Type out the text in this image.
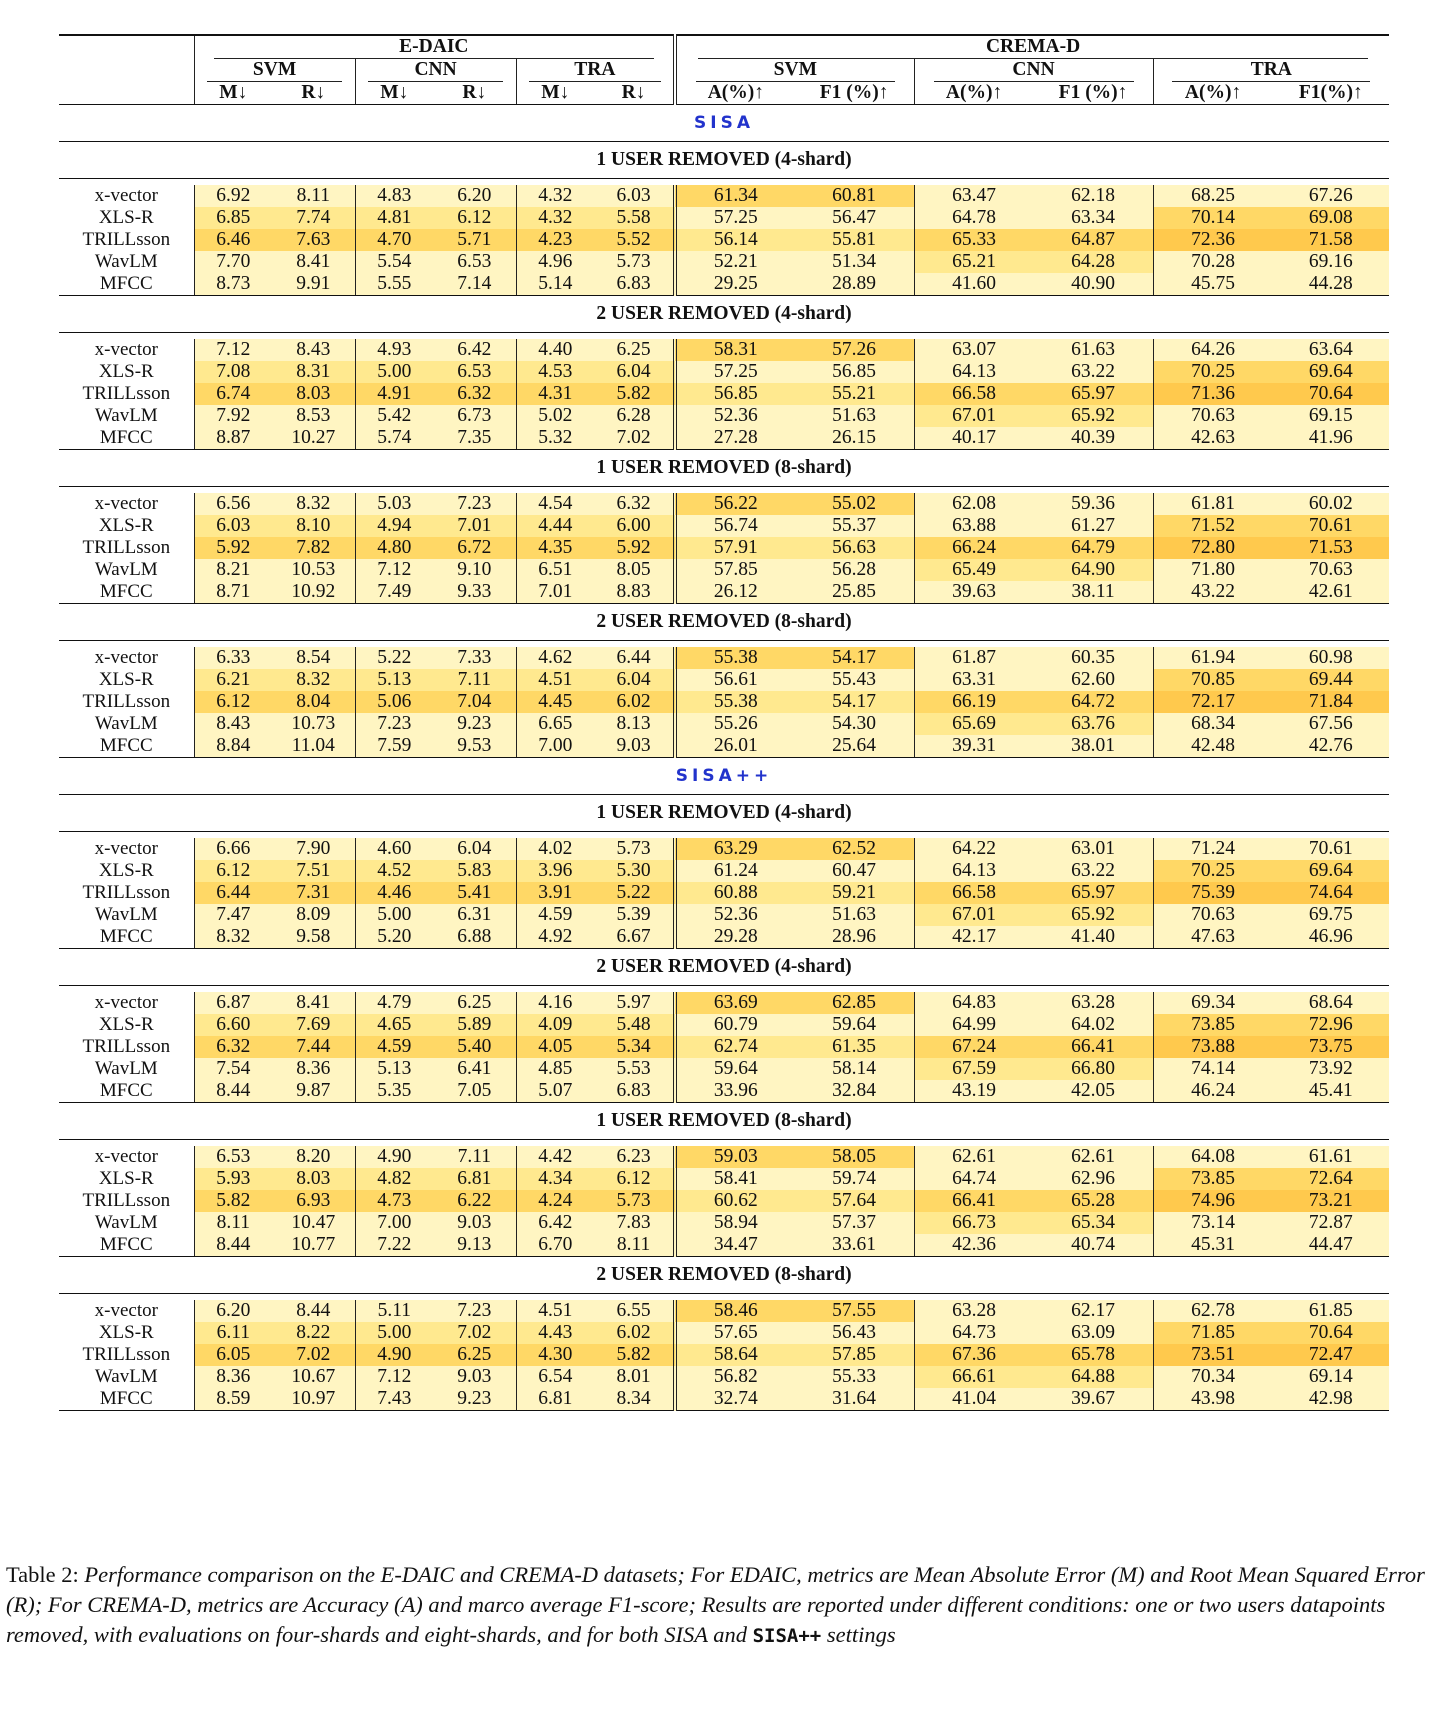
	E-DAIC						CREMA-D					
	SVM		CNN		TRA		SVM		CNN		TRA	
	M↓	R↓	M↓	R↓	M↓	R↓	A(%)↑	F1 (%)↑	A(%)↑	F1 (%)↑	A(%)↑	F1(%)↑
SISA												
1 USER REMOVED (4-shard)												

x-vector	6.92	8.11	4.83	6.20	4.32	6.03	61.34	60.81	63.47	62.18	68.25	67.26
XLS-R	6.85	7.74	4.81	6.12	4.32	5.58	57.25	56.47	64.78	63.34	70.14	69.08
TRILLsson	6.46	7.63	4.70	5.71	4.23	5.52	56.14	55.81	65.33	64.87	72.36	71.58
WavLM	7.70	8.41	5.54	6.53	4.96	5.73	52.21	51.34	65.21	64.28	70.28	69.16
MFCC	8.73	9.91	5.55	7.14	5.14	6.83	29.25	28.89	41.60	40.90	45.75	44.28
2 USER REMOVED (4-shard)												

x-vector	7.12	8.43	4.93	6.42	4.40	6.25	58.31	57.26	63.07	61.63	64.26	63.64
XLS-R	7.08	8.31	5.00	6.53	4.53	6.04	57.25	56.85	64.13	63.22	70.25	69.64
TRILLsson	6.74	8.03	4.91	6.32	4.31	5.82	56.85	55.21	66.58	65.97	71.36	70.64
WavLM	7.92	8.53	5.42	6.73	5.02	6.28	52.36	51.63	67.01	65.92	70.63	69.15
MFCC	8.87	10.27	5.74	7.35	5.32	7.02	27.28	26.15	40.17	40.39	42.63	41.96
1 USER REMOVED (8-shard)												

x-vector	6.56	8.32	5.03	7.23	4.54	6.32	56.22	55.02	62.08	59.36	61.81	60.02
XLS-R	6.03	8.10	4.94	7.01	4.44	6.00	56.74	55.37	63.88	61.27	71.52	70.61
TRILLsson	5.92	7.82	4.80	6.72	4.35	5.92	57.91	56.63	66.24	64.79	72.80	71.53
WavLM	8.21	10.53	7.12	9.10	6.51	8.05	57.85	56.28	65.49	64.90	71.80	70.63
MFCC	8.71	10.92	7.49	9.33	7.01	8.83	26.12	25.85	39.63	38.11	43.22	42.61
2 USER REMOVED (8-shard)												

x-vector	6.33	8.54	5.22	7.33	4.62	6.44	55.38	54.17	61.87	60.35	61.94	60.98
XLS-R	6.21	8.32	5.13	7.11	4.51	6.04	56.61	55.43	63.31	62.60	70.85	69.44
TRILLsson	6.12	8.04	5.06	7.04	4.45	6.02	55.38	54.17	66.19	64.72	72.17	71.84
WavLM	8.43	10.73	7.23	9.23	6.65	8.13	55.26	54.30	65.69	63.76	68.34	67.56
MFCC	8.84	11.04	7.59	9.53	7.00	9.03	26.01	25.64	39.31	38.01	42.48	42.76
SISA++												
1 USER REMOVED (4-shard)												

x-vector	6.66	7.90	4.60	6.04	4.02	5.73	63.29	62.52	64.22	63.01	71.24	70.61
XLS-R	6.12	7.51	4.52	5.83	3.96	5.30	61.24	60.47	64.13	63.22	70.25	69.64
TRILLsson	6.44	7.31	4.46	5.41	3.91	5.22	60.88	59.21	66.58	65.97	75.39	74.64
WavLM	7.47	8.09	5.00	6.31	4.59	5.39	52.36	51.63	67.01	65.92	70.63	69.75
MFCC	8.32	9.58	5.20	6.88	4.92	6.67	29.28	28.96	42.17	41.40	47.63	46.96
2 USER REMOVED (4-shard)												

x-vector	6.87	8.41	4.79	6.25	4.16	5.97	63.69	62.85	64.83	63.28	69.34	68.64
XLS-R	6.60	7.69	4.65	5.89	4.09	5.48	60.79	59.64	64.99	64.02	73.85	72.96
TRILLsson	6.32	7.44	4.59	5.40	4.05	5.34	62.74	61.35	67.24	66.41	73.88	73.75
WavLM	7.54	8.36	5.13	6.41	4.85	5.53	59.64	58.14	67.59	66.80	74.14	73.92
MFCC	8.44	9.87	5.35	7.05	5.07	6.83	33.96	32.84	43.19	42.05	46.24	45.41
1 USER REMOVED (8-shard)												

x-vector	6.53	8.20	4.90	7.11	4.42	6.23	59.03	58.05	62.61	62.61	64.08	61.61
XLS-R	5.93	8.03	4.82	6.81	4.34	6.12	58.41	59.74	64.74	62.96	73.85	72.64
TRILLsson	5.82	6.93	4.73	6.22	4.24	5.73	60.62	57.64	66.41	65.28	74.96	73.21
WavLM	8.11	10.47	7.00	9.03	6.42	7.83	58.94	57.37	66.73	65.34	73.14	72.87
MFCC	8.44	10.77	7.22	9.13	6.70	8.11	34.47	33.61	42.36	40.74	45.31	44.47
2 USER REMOVED (8-shard)												

x-vector	6.20	8.44	5.11	7.23	4.51	6.55	58.46	57.55	63.28	62.17	62.78	61.85
XLS-R	6.11	8.22	5.00	7.02	4.43	6.02	57.65	56.43	64.73	63.09	71.85	70.64
TRILLsson	6.05	7.02	4.90	6.25	4.30	5.82	58.64	57.85	67.36	65.78	73.51	72.47
WavLM	8.36	10.67	7.12	9.03	6.54	8.01	56.82	55.33	66.61	64.88	70.34	69.14
MFCC	8.59	10.97	7.43	9.23	6.81	8.34	32.74	31.64	41.04	39.67	43.98	42.98
Table 2: Performance comparison on the E-DAIC and CREMA-D datasets; For EDAIC, metrics are Mean Absolute Error (M) and Root Mean Squared Error (R); For CREMA-D, metrics are Accuracy (A) and marco average F1-score; Results are reported under different conditions: one or two users datapoints removed, with evaluations on four-shards and eight-shards, and for both SISA and SISA++ settings
